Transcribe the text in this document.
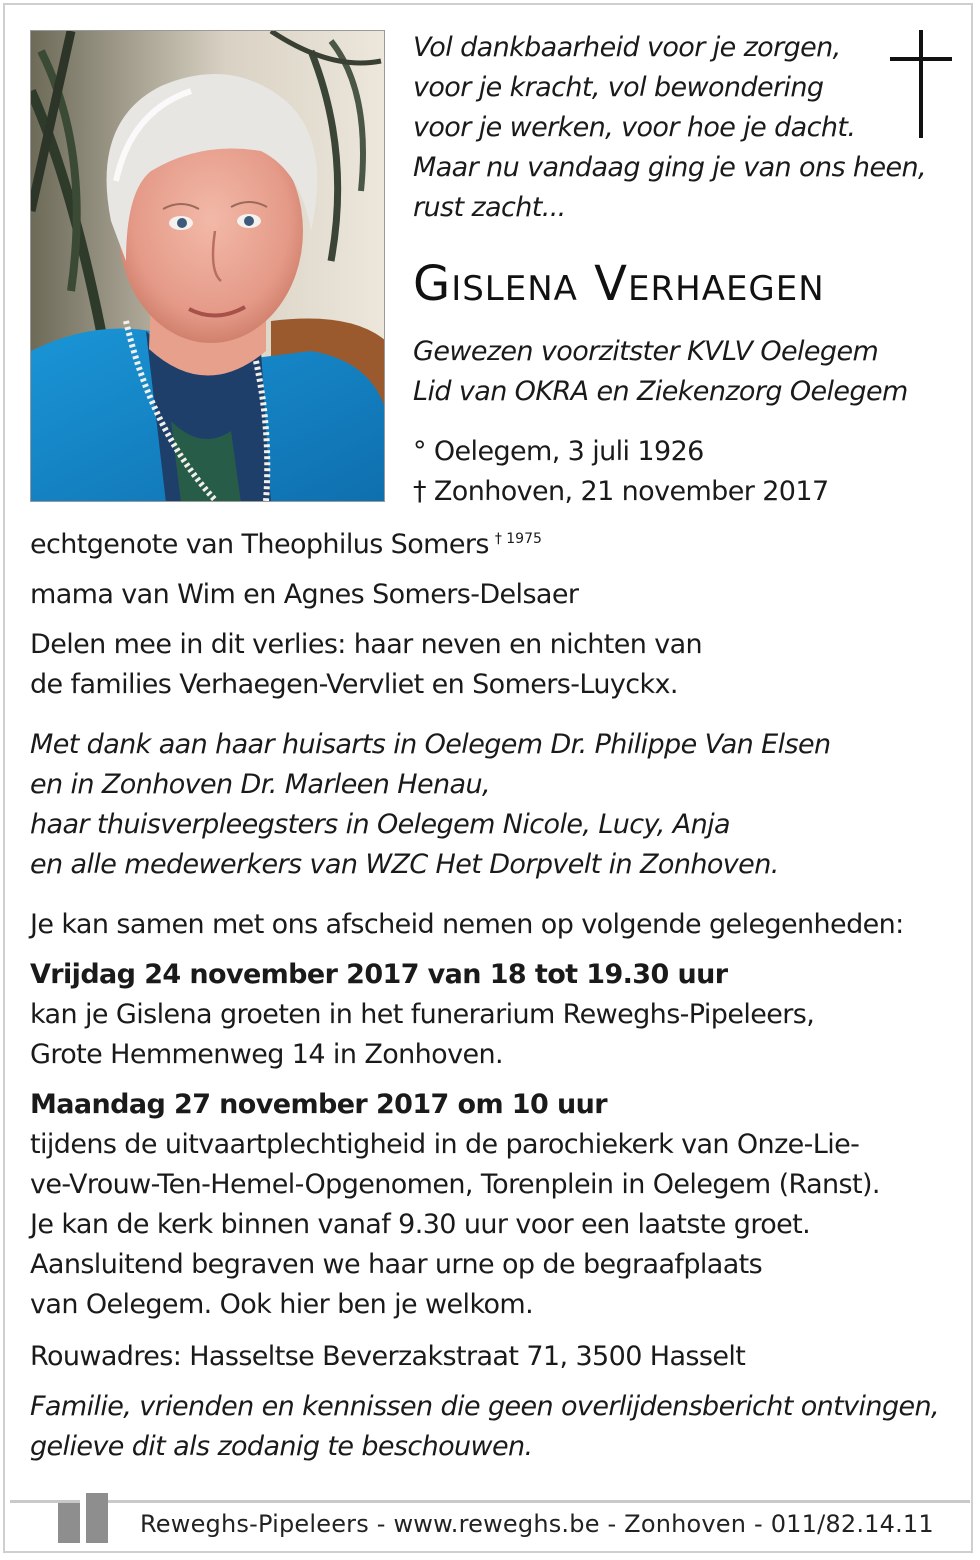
Vol dankbaarheid voor je zorgen,
voor je kracht, vol bewondering
voor je werken, voor hoe je dacht.
Maar nu vandaag ging je van ons heen,
rust zacht...
Gislena Verhaegen
Gewezen voorzitster KVLV Oelegem
Lid van OKRA en Ziekenzorg Oelegem
° Oelegem, 3 juli 1926
† Zonhoven, 21 november 2017
echtgenote van Theophilus Somers $^{\dagger 1975}$
mama van Wim en Agnes Somers-Delsaer
Delen mee in dit verlies: haar neven en nichten van
de families Verhaegen-Vervliet en Somers-Luyckx.
Met dank aan haar huisarts in Oelegem Dr. Philippe Van Elsen
en in Zonhoven Dr. Marleen Henau,
haar thuisverpleegsters in Oelegem Nicole, Lucy, Anja
en alle medewerkers van WZC Het Dorpvelt in Zonhoven.
Je kan samen met ons afscheid nemen op volgende gelegenheden:
Vrijdag 24 november 2017 van 18 tot 19.30 uur
kan je Gislena groeten in het funerarium Reweghs-Pipeleers,
Grote Hemmenweg 14 in Zonhoven.
Maandag 27 november 2017 om 10 uur
tijdens de uitvaartplechtigheid in de parochiekerk van Onze-Lie-
ve-Vrouw-Ten-Hemel-Opgenomen, Torenplein in Oelegem (Ranst).
Je kan de kerk binnen vanaf 9.30 uur voor een laatste groet.
Aansluitend begraven we haar urne op de begraafplaats
van Oelegem. Ook hier ben je welkom.
Rouwadres: Hasseltse Beverzakstraat 71, 3500 Hasselt
Familie, vrienden en kennissen die geen overlijdensbericht ontvingen,
gelieve dit als zodanig te beschouwen.
Reweghs-Pipeleers - www.reweghs.be - Zonhoven - 011/82.14.11
